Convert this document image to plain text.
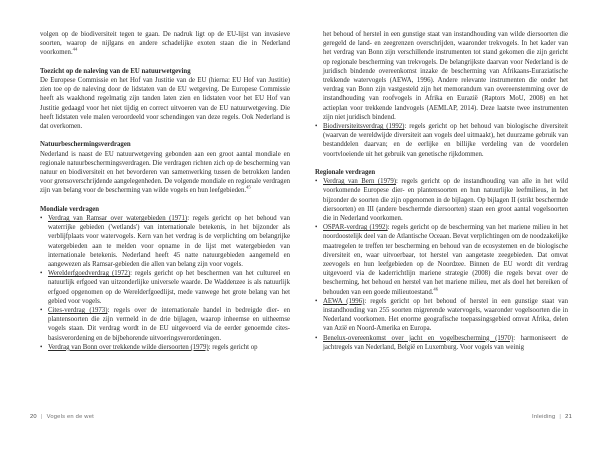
volgen op de biodiversiteit tegen te gaan. De nadruk ligt op de EU-lijst van invasieve soorten, waarop de nijlgans en andere schadelijke exoten staan die in Nederland voorkomen.$^{44}$

Toezicht op de naleving van de EU natuurwetgeving

De Europese Commissie en het Hof van Justitie van de EU (hierna: EU Hof van Justitie) zien toe op de naleving door de lidstaten van de EU wetgeving. De Europese Commissie heeft als waakhond regelmatig zijn tanden laten zien en lidstaten voor het EU Hof van Justitie gedaagd voor het niet tijdig en correct uitvoeren van de EU natuurwetgeving. Die heeft lidstaten vele malen veroordeeld voor schendingen van deze regels. Ook Nederland is dat overkomen.

Natuurbeschermingsverdragen

Nederland is naast de EU natuurwetgeving gebonden aan een groot aantal mondiale en regionale natuurbeschermingsverdragen. Die verdragen richten zich op de bescherming van natuur en biodiversiteit en het bevorderen van samenwerking tussen de betrokken landen voor grensoverschrijdende aangelegenheden. De volgende mondiale en regionale verdragen zijn van belang voor de bescherming van wilde vogels en hun leefgebieden.$^{45}$

Mondiale verdragen

• Verdrag van Ramsar over watergebieden (1971): regels gericht op het behoud van waterrijke gebieden ('wetlands') van internationale betekenis, in het bijzonder als verblijfplaats voor watervogels. Kern van het verdrag is de verplichting om belangrijke watergebieden aan te melden voor opname in de lijst met watergebieden van internationale betekenis. Nederland heeft 45 natte natuurgebieden aangemeld en aangewezen als Ramsar-gebieden die allen van belang zijn voor vogels.
• Werelderfgoedverdrag (1972): regels gericht op het beschermen van het cultureel en natuurlijk erfgoed van uitzonderlijke universele waarde. De Waddenzee is als natuurlijk erfgoed opgenomen op de Werelderfgoedlijst, mede vanwege het grote belang van het gebied voor vogels.
• Cites-verdrag (1973): regels over de internationale handel in bedreigde dier- en plantensoorten die zijn vermeld in de drie bijlagen, waarop inheemse en uitheemse vogels staan. Dit verdrag wordt in de EU uitgevoerd via de eerder genoemde cites-basisverordening en de bijbehorende uitvoeringsverordeningen.
• Verdrag van Bonn over trekkende wilde diersoorten (1979): regels gericht op

het behoud of herstel in een gunstige staat van instandhouding van wilde diersoorten die geregeld de land- en zeegrenzen overschrijden, waaronder trekvogels. In het kader van het verdrag van Bonn zijn verschillende instrumenten tot stand gekomen die zijn gericht op regionale bescherming van trekvogels. De belangrijkste daarvan voor Nederland is de juridisch bindende overeenkomst inzake de bescherming van Afrikaans-Euraziatische trekkende watervogels (AEWA, 1996). Andere relevante instrumenten die onder het verdrag van Bonn zijn vastgesteld zijn het memorandum van overeenstemming over de instandhouding van roofvogels in Afrika en Eurazië (Raptors MoU, 2008) en het actieplan voor trekkende landvogels (AEMLAP, 2014). Deze laatste twee instrumenten zijn niet juridisch bindend.

• Biodiversiteitsverdrag (1992): regels gericht op het behoud van biologische diversiteit (waarvan de wereldwijde diversiteit aan vogels deel uitmaakt), het duurzame gebruik van bestanddelen daarvan; en de eerlijke en billijke verdeling van de voordelen voortvloeiende uit het gebruik van genetische rijkdommen.

Regionale verdragen

• Verdrag van Bern (1979): regels gericht op de instandhouding van alle in het wild voorkomende Europese dier- en plantensoorten en hun natuurlijke leefmilieus, in het bijzonder de soorten die zijn opgenomen in de bijlagen. Op bijlagen II (strikt beschermde diersoorten) en III (andere beschermde diersoorten) staan een groot aantal vogelsoorten die in Nederland voorkomen.
• OSPAR-verdrag (1992): regels gericht op de bescherming van het mariene milieu in het noordoostelijk deel van de Atlantische Oceaan. Bevat verplichtingen om de noodzakelijke maatregelen te treffen ter bescherming en behoud van de ecosystemen en de biologische diversiteit en, waar uitvoerbaar, tot herstel van aangetaste zeegebieden. Dat omvat zeevogels en hun leefgebieden op de Noordzee. Binnen de EU wordt dit verdrag uitgevoerd via de kaderrichtlijn mariene strategie (2008) die regels bevat over de bescherming, het behoud en herstel van het mariene milieu, met als doel het bereiken of behouden van een goede milieutoestand.$^{46}$
• AEWA (1996): regels gericht op het behoud of herstel in een gunstige staat van instandhouding van 255 soorten migrerende watervogels, waaronder vogelsoorten die in Nederland voorkomen. Het enorme geografische toepassingsgebied omvat Afrika, delen van Azië en Noord-Amerika en Europa.
• Benelux-overeenkomst over jacht en vogelbescherming (1970): harmoniseert de jachtregels van Nederland, België en Luxemburg. Voor vogels van weinig
20 | Vogels en de wet	Inleiding | 21
